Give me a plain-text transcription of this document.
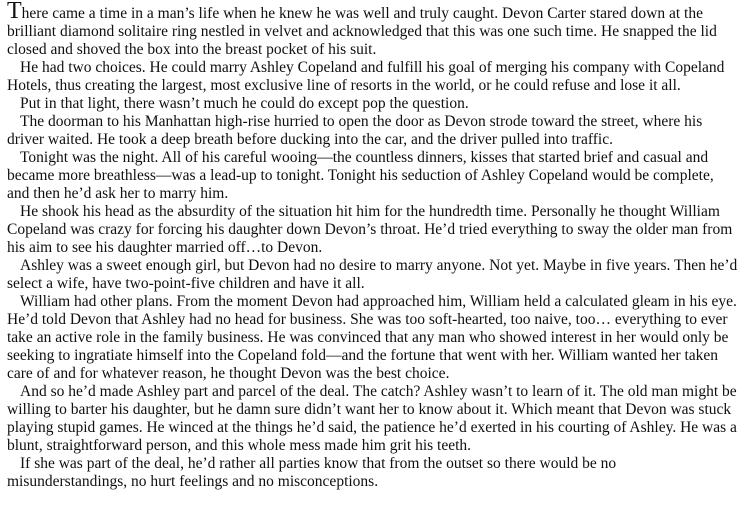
There came a time in a man’s life when he knew he was well and truly caught. Devon Carter stared down at the brilliant diamond solitaire ring nestled in velvet and acknowledged that this was one such time. He snapped the lid closed and shoved the box into the breast pocket of his suit.

He had two choices. He could marry Ashley Copeland and fulfill his goal of merging his company with Copeland Hotels, thus creating the largest, most exclusive line of resorts in the world, or he could refuse and lose it all.

Put in that light, there wasn’t much he could do except pop the question.

The doorman to his Manhattan high-rise hurried to open the door as Devon strode toward the street, where his driver waited. He took a deep breath before ducking into the car, and the driver pulled into traffic.

Tonight was the night. All of his careful wooing—the countless dinners, kisses that started brief and casual and became more breathless—was a lead-up to tonight. Tonight his seduction of Ashley Copeland would be complete, and then he’d ask her to marry him.

He shook his head as the absurdity of the situation hit him for the hundredth time. Personally he thought William Copeland was crazy for forcing his daughter down Devon’s throat. He’d tried everything to sway the older man from his aim to see his daughter married off…to Devon.

Ashley was a sweet enough girl, but Devon had no desire to marry anyone. Not yet. Maybe in five years. Then he’d select a wife, have two-point-five children and have it all.

William had other plans. From the moment Devon had approached him, William held a calculated gleam in his eye. He’d told Devon that Ashley had no head for business. She was too soft-hearted, too naive, too… everything to ever take an active role in the family business. He was convinced that any man who showed interest in her would only be seeking to ingratiate himself into the Copeland fold—and the fortune that went with her. William wanted her taken care of and for whatever reason, he thought Devon was the best choice.

And so he’d made Ashley part and parcel of the deal. The catch? Ashley wasn’t to learn of it. The old man might be willing to barter his daughter, but he damn sure didn’t want her to know about it. Which meant that Devon was stuck playing stupid games. He winced at the things he’d said, the patience he’d exerted in his courting of Ashley. He was a blunt, straightforward person, and this whole mess made him grit his teeth.

If she was part of the deal, he’d rather all parties know that from the outset so there would be no misunderstandings, no hurt feelings and no misconceptions.
